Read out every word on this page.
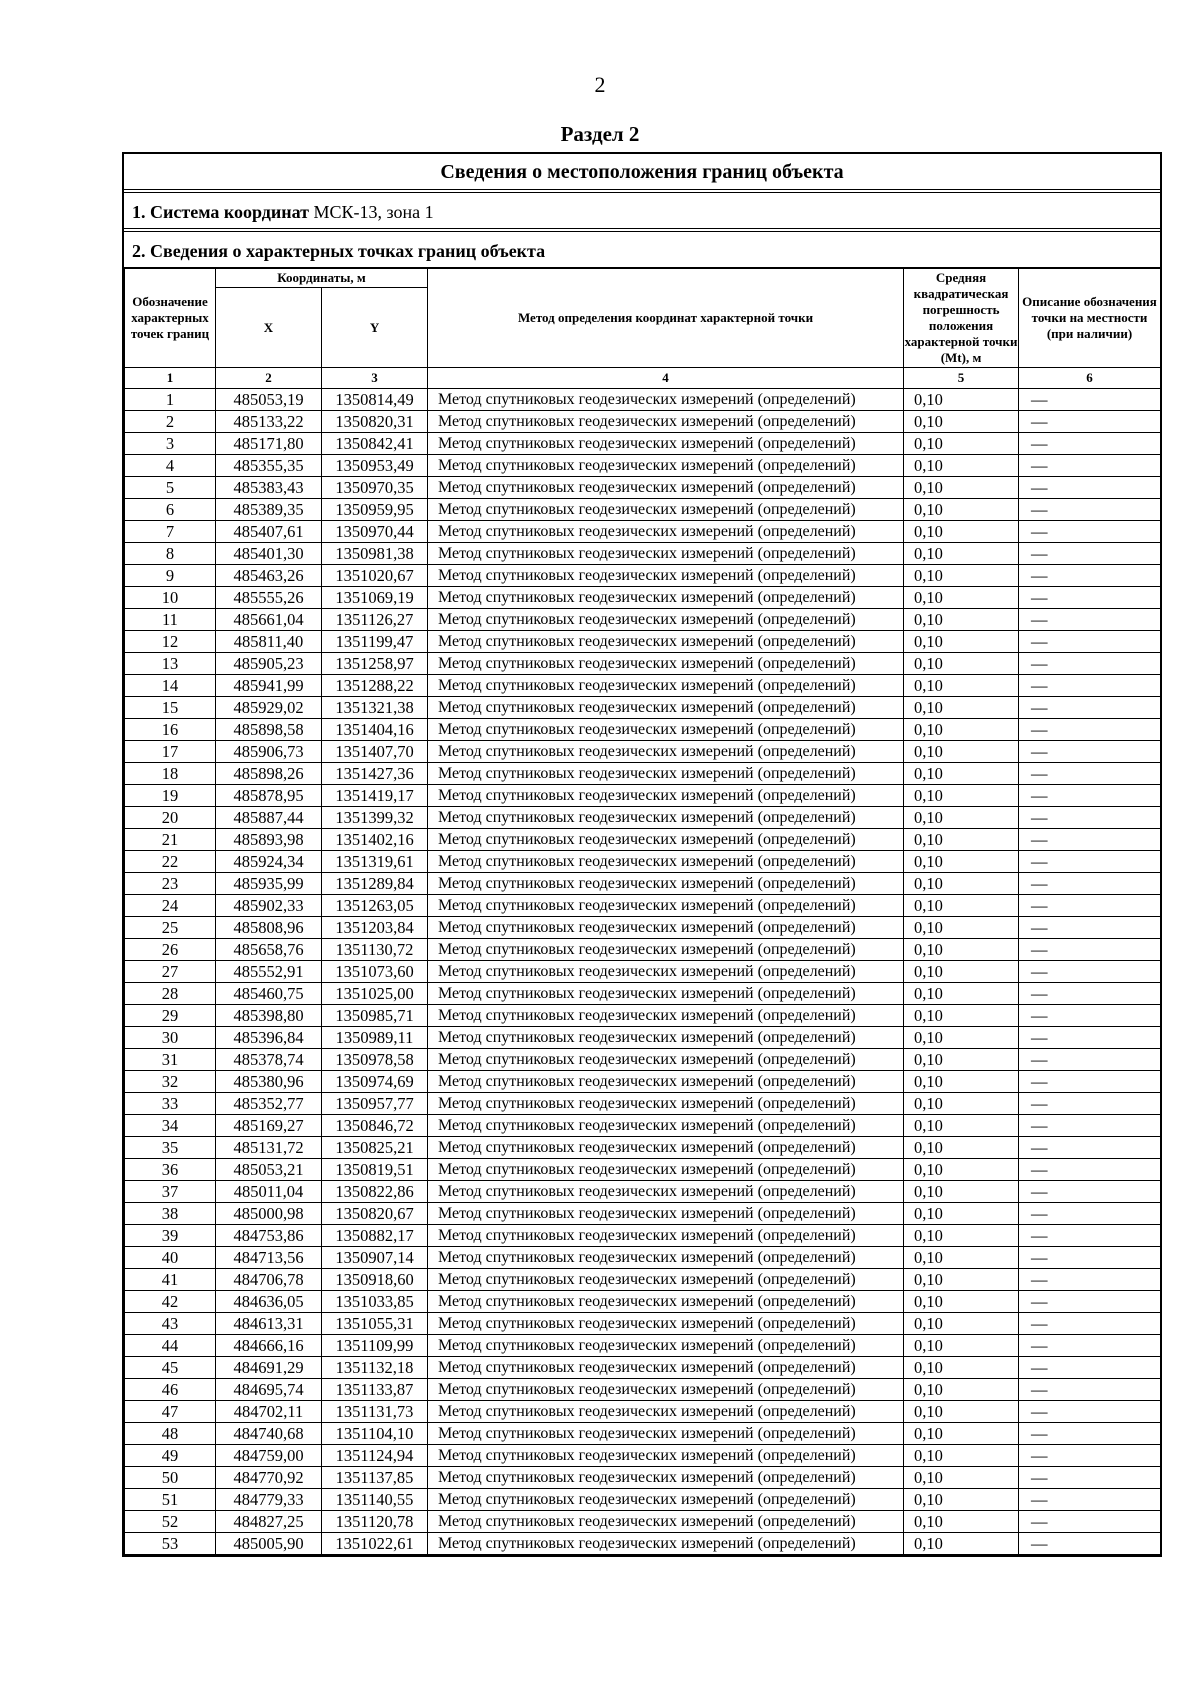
2
Раздел 2
Сведения о местоположения границ объекта
1. Система координат МСК-13, зона 1
2. Сведения о характерных точках границ объекта
Обозначение характерных точек границ	Координаты, м		Метод определения координат характерной точки	Средняя квадратическая погрешность положения характерной точки (Mt), м	Описание обозначения точки на местности (при наличии)
	X	Y			
1	2	3	4	5	6
1	485053,19	1350814,49	Метод спутниковых геодезических измерений (определений)	0,10	—
2	485133,22	1350820,31	Метод спутниковых геодезических измерений (определений)	0,10	—
3	485171,80	1350842,41	Метод спутниковых геодезических измерений (определений)	0,10	—
4	485355,35	1350953,49	Метод спутниковых геодезических измерений (определений)	0,10	—
5	485383,43	1350970,35	Метод спутниковых геодезических измерений (определений)	0,10	—
6	485389,35	1350959,95	Метод спутниковых геодезических измерений (определений)	0,10	—
7	485407,61	1350970,44	Метод спутниковых геодезических измерений (определений)	0,10	—
8	485401,30	1350981,38	Метод спутниковых геодезических измерений (определений)	0,10	—
9	485463,26	1351020,67	Метод спутниковых геодезических измерений (определений)	0,10	—
10	485555,26	1351069,19	Метод спутниковых геодезических измерений (определений)	0,10	—
11	485661,04	1351126,27	Метод спутниковых геодезических измерений (определений)	0,10	—
12	485811,40	1351199,47	Метод спутниковых геодезических измерений (определений)	0,10	—
13	485905,23	1351258,97	Метод спутниковых геодезических измерений (определений)	0,10	—
14	485941,99	1351288,22	Метод спутниковых геодезических измерений (определений)	0,10	—
15	485929,02	1351321,38	Метод спутниковых геодезических измерений (определений)	0,10	—
16	485898,58	1351404,16	Метод спутниковых геодезических измерений (определений)	0,10	—
17	485906,73	1351407,70	Метод спутниковых геодезических измерений (определений)	0,10	—
18	485898,26	1351427,36	Метод спутниковых геодезических измерений (определений)	0,10	—
19	485878,95	1351419,17	Метод спутниковых геодезических измерений (определений)	0,10	—
20	485887,44	1351399,32	Метод спутниковых геодезических измерений (определений)	0,10	—
21	485893,98	1351402,16	Метод спутниковых геодезических измерений (определений)	0,10	—
22	485924,34	1351319,61	Метод спутниковых геодезических измерений (определений)	0,10	—
23	485935,99	1351289,84	Метод спутниковых геодезических измерений (определений)	0,10	—
24	485902,33	1351263,05	Метод спутниковых геодезических измерений (определений)	0,10	—
25	485808,96	1351203,84	Метод спутниковых геодезических измерений (определений)	0,10	—
26	485658,76	1351130,72	Метод спутниковых геодезических измерений (определений)	0,10	—
27	485552,91	1351073,60	Метод спутниковых геодезических измерений (определений)	0,10	—
28	485460,75	1351025,00	Метод спутниковых геодезических измерений (определений)	0,10	—
29	485398,80	1350985,71	Метод спутниковых геодезических измерений (определений)	0,10	—
30	485396,84	1350989,11	Метод спутниковых геодезических измерений (определений)	0,10	—
31	485378,74	1350978,58	Метод спутниковых геодезических измерений (определений)	0,10	—
32	485380,96	1350974,69	Метод спутниковых геодезических измерений (определений)	0,10	—
33	485352,77	1350957,77	Метод спутниковых геодезических измерений (определений)	0,10	—
34	485169,27	1350846,72	Метод спутниковых геодезических измерений (определений)	0,10	—
35	485131,72	1350825,21	Метод спутниковых геодезических измерений (определений)	0,10	—
36	485053,21	1350819,51	Метод спутниковых геодезических измерений (определений)	0,10	—
37	485011,04	1350822,86	Метод спутниковых геодезических измерений (определений)	0,10	—
38	485000,98	1350820,67	Метод спутниковых геодезических измерений (определений)	0,10	—
39	484753,86	1350882,17	Метод спутниковых геодезических измерений (определений)	0,10	—
40	484713,56	1350907,14	Метод спутниковых геодезических измерений (определений)	0,10	—
41	484706,78	1350918,60	Метод спутниковых геодезических измерений (определений)	0,10	—
42	484636,05	1351033,85	Метод спутниковых геодезических измерений (определений)	0,10	—
43	484613,31	1351055,31	Метод спутниковых геодезических измерений (определений)	0,10	—
44	484666,16	1351109,99	Метод спутниковых геодезических измерений (определений)	0,10	—
45	484691,29	1351132,18	Метод спутниковых геодезических измерений (определений)	0,10	—
46	484695,74	1351133,87	Метод спутниковых геодезических измерений (определений)	0,10	—
47	484702,11	1351131,73	Метод спутниковых геодезических измерений (определений)	0,10	—
48	484740,68	1351104,10	Метод спутниковых геодезических измерений (определений)	0,10	—
49	484759,00	1351124,94	Метод спутниковых геодезических измерений (определений)	0,10	—
50	484770,92	1351137,85	Метод спутниковых геодезических измерений (определений)	0,10	—
51	484779,33	1351140,55	Метод спутниковых геодезических измерений (определений)	0,10	—
52	484827,25	1351120,78	Метод спутниковых геодезических измерений (определений)	0,10	—
53	485005,90	1351022,61	Метод спутниковых геодезических измерений (определений)	0,10	—
